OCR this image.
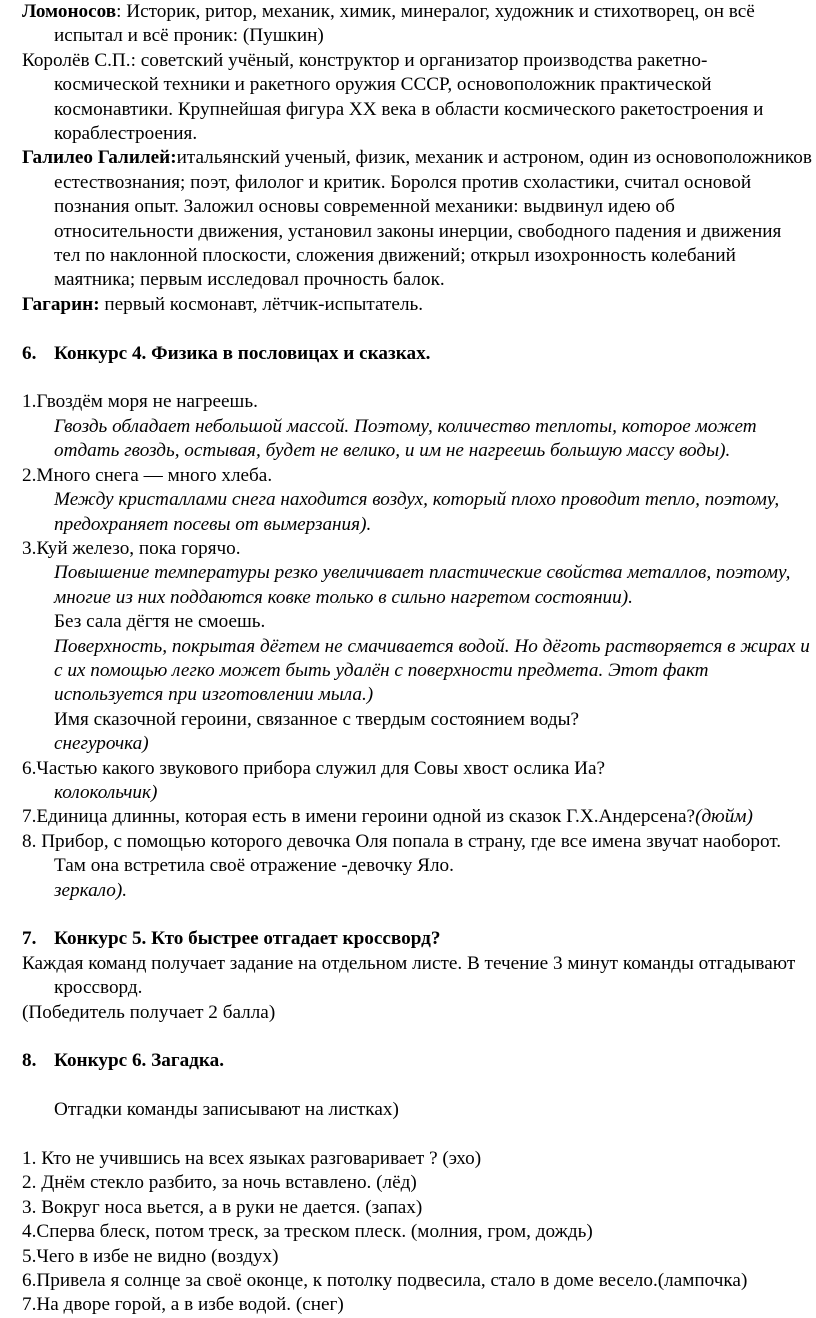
Ломоносов: Историк, ритор, механик, химик, минералог, художник и стихотворец, он всё испытал и всё проник: (Пушкин)

Королёв С.П.: советский учёный, конструктор и организатор производства ракетно-космической техники и ракетного оружия СССР, основоположник практической космонавтики. Крупнейшая фигура XX века в области космического ракетостроения и кораблестроения.

Галилео Галилей:итальянский ученый, физик, механик и астроном, один из основоположников естествознания; поэт, филолог и критик. Боролся против схоластики, считал основой познания опыт. Заложил основы современной механики: выдвинул идею об относительности движения, установил законы инерции, свободного падения и движения тел по наклонной плоскости, сложения движений; открыл изохронность колебаний маятника; первым исследовал прочность балок.

Гагарин: первый космонавт, лётчик-испытатель.

6. Конкурс 4. Физика в пословицах и сказках.

1.Гвоздём моря не нагреешь.

Гвоздь обладает небольшой массой. Поэтому, количество теплоты, которое может отдать гвоздь, остывая, будет не велико, и им не нагреешь большую массу воды).

2.Много снега — много хлеба.

Между кристаллами снега находится воздух, который плохо проводит тепло, поэтому, предохраняет посевы от вымерзания).

3.Куй железо, пока горячо.

Повышение температуры резко увеличивает пластические свойства металлов, поэтому, многие из них поддаются ковке только в сильно нагретом состоянии).

Без сала дёгтя не смоешь.

Поверхность, покрытая дёгтем не смачивается водой. Но дёготь растворяется в жирах и с их помощью легко может быть удалён с поверхности предмета. Этот факт используется при изготовлении мыла.)

Имя сказочной героини, связанное с твердым состоянием воды?

снегурочка)

6.Частью какого звукового прибора служил для Совы хвост ослика Иа?

колокольчик)

7.Единица длинны, которая есть в имени героини одной из сказок Г.Х.Андерсена?(дюйм)

8. Прибор, с помощью которого девочка Оля попала в страну, где все имена звучат наоборот. Там она встретила своё отражение -девочку Яло.

зеркало).

7. Конкурс 5. Кто быстрее отгадает кроссворд?

Каждая команд получает задание на отдельном листе. В течение 3 минут команды отгадывают кроссворд.

(Победитель получает 2 балла)

8. Конкурс 6. Загадка.

Отгадки команды записывают на листках)

1. Кто не учившись на всех языках разговаривает ? (эхо)

2. Днём стекло разбито, за ночь вставлено. (лёд)

3. Вокруг носа вьется, а в руки не дается. (запах)

4.Сперва блеск, потом треск, за треском плеск. (молния, гром, дождь)

5.Чего в избе не видно (воздух)

6.Привела я солнце за своё оконце, к потолку подвесила, стало в доме весело.(лампочка)

7.На дворе горой, а в избе водой. (снег)
